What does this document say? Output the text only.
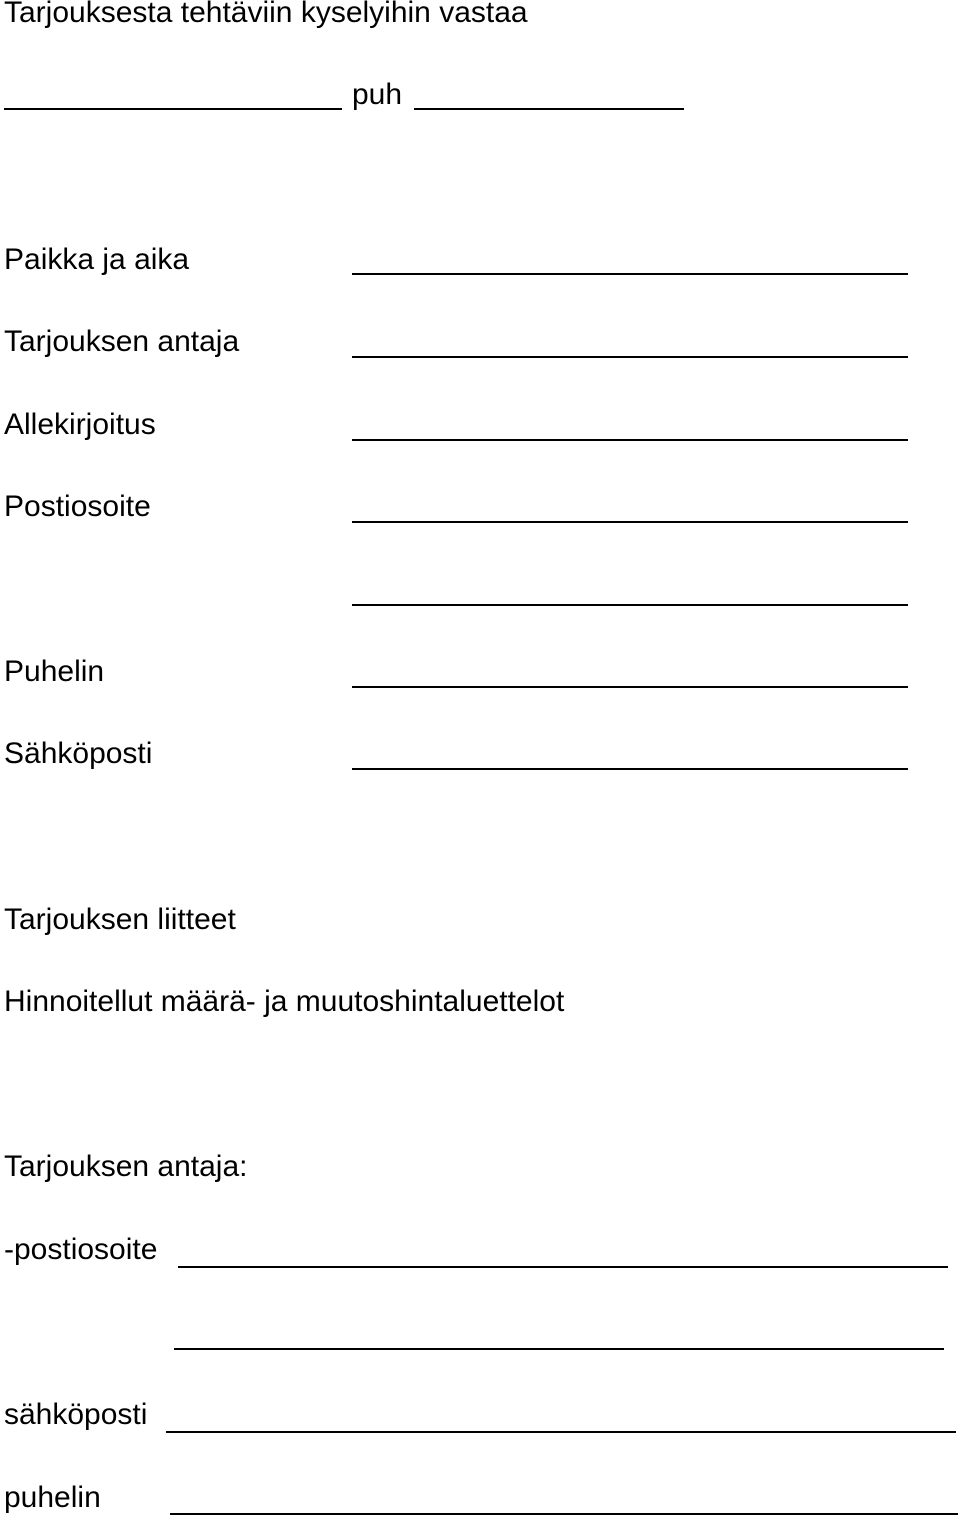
Tarjouksesta tehtäviin kyselyihin vastaa

puh

Paikka ja aika

Tarjouksen antaja

Allekirjoitus

Postiosoite

Puhelin

Sähköposti

Tarjouksen liitteet

Hinnoitellut määrä- ja muutoshintaluettelot

Tarjouksen antaja:

-postiosoite

sähköposti

puhelin
